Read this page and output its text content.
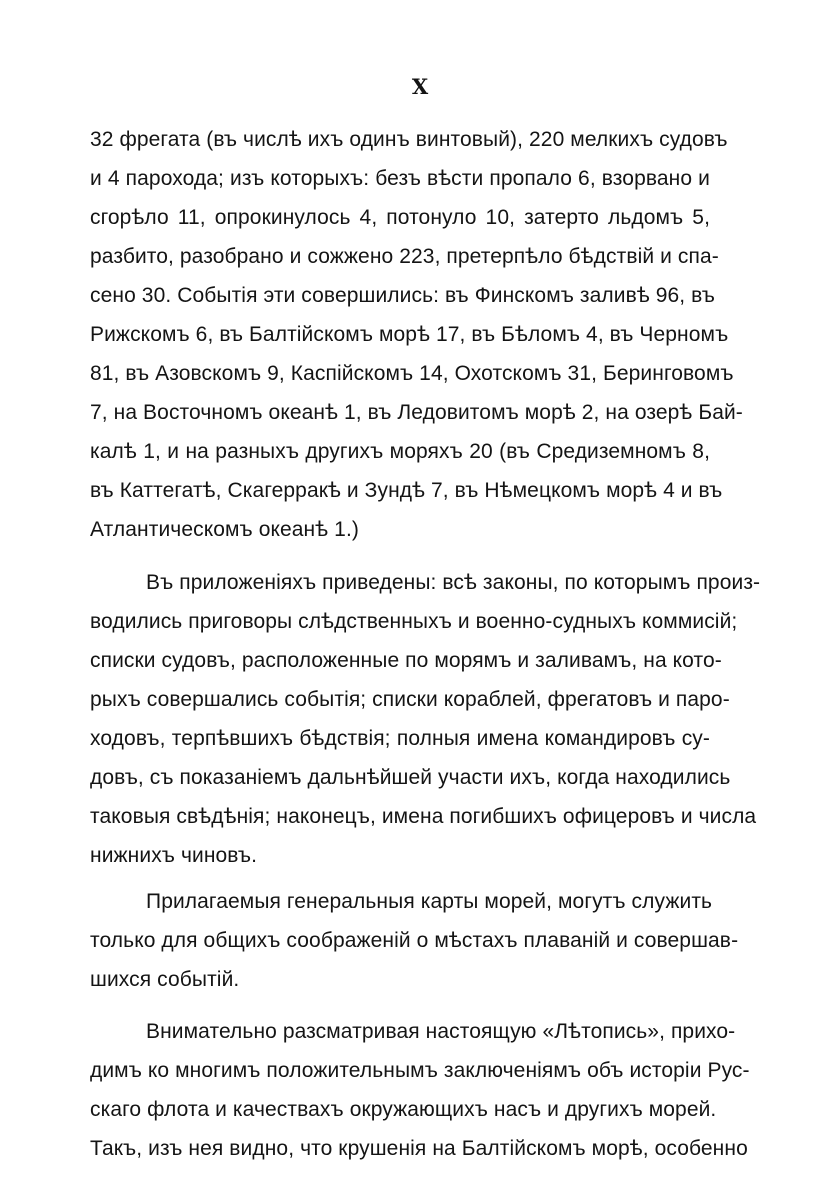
X
32 фрегата (въ числѣ ихъ одинъ винтовый), 220 мелкихъ судовъ
и 4 парохода; изъ которыхъ: безъ вѣсти пропало 6, взорвано и
сгорѣло 11, опрокинулось 4, потонуло 10, затерто льдомъ 5,
разбито, разобрано и сожжено 223, претерпѣло бѣдствій и спа-
сено 30. Событія эти совершились: въ Финскомъ заливѣ 96, въ
Рижскомъ 6, въ Балтійскомъ морѣ 17, въ Бѣломъ 4, въ Черномъ
81, въ Азовскомъ 9, Каспійскомъ 14, Охотскомъ 31, Беринговомъ
7, на Восточномъ океанѣ 1, въ Ледовитомъ морѣ 2, на озерѣ Бай-
калѣ 1, и на разныхъ другихъ моряхъ 20 (въ Средиземномъ 8,
въ Каттегатѣ, Скагерракѣ и Зундѣ 7, въ Нѣмецкомъ морѣ 4 и въ
Атлантическомъ океанѣ 1.)
Въ приложеніяхъ приведены: всѣ законы, по которымъ произ-
водились приговоры слѣдственныхъ и военно-судныхъ коммисій;
списки судовъ, расположенные по морямъ и заливамъ, на кото-
рыхъ совершались событія; списки кораблей, фрегатовъ и паро-
ходовъ, терпѣвшихъ бѣдствія; полныя имена командировъ су-
довъ, съ показаніемъ дальнѣйшей участи ихъ, когда находились
таковыя свѣдѣнія; наконецъ, имена погибшихъ офицеровъ и числа
нижнихъ чиновъ.
Прилагаемыя генеральныя карты морей, могутъ служить
только для общихъ соображеній о мѣстахъ плаваній и совершав-
шихся событій.
Внимательно разсматривая настоящую «Лѣтопись», прихо-
димъ ко многимъ положительнымъ заключеніямъ объ исторіи Рус-
скаго флота и качествахъ окружающихъ насъ и другихъ морей.
Такъ, изъ нея видно, что крушенія на Балтійскомъ морѣ, особенно
